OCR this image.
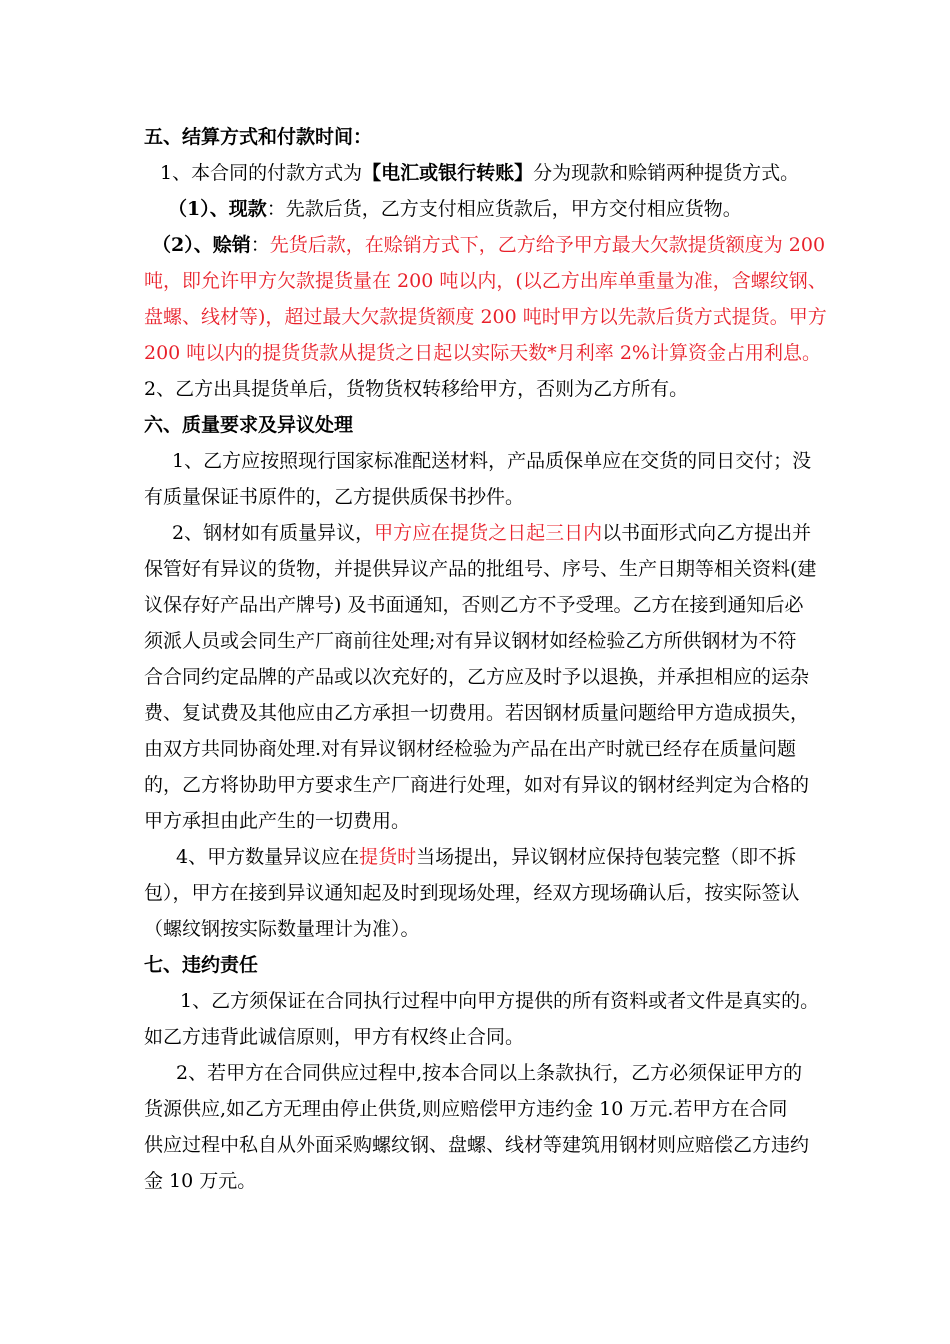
五、结算方式和付款时间：
1、本合同的付款方式为【电汇或银行转账】分为现款和赊销两种提货方式。
（1）、现款：先款后货，乙方支付相应货款后，甲方交付相应货物。
（2）、赊销：先货后款，在赊销方式下，乙方给予甲方最大欠款提货额度为 200
吨，即允许甲方欠款提货量在 200 吨以内，(以乙方出库单重量为准，含螺纹钢、
盘螺、线材等)，超过最大欠款提货额度 200 吨时甲方以先款后货方式提货。甲方
200 吨以内的提货货款从提货之日起以实际天数*月利率 2%计算资金占用利息。
2、乙方出具提货单后，货物货权转移给甲方，否则为乙方所有。
六、质量要求及异议处理
1、乙方应按照现行国家标准配送材料，产品质保单应在交货的同日交付；没
有质量保证书原件的，乙方提供质保书抄件。
2、钢材如有质量异议，甲方应在提货之日起三日内以书面形式向乙方提出并
保管好有异议的货物，并提供异议产品的批组号、序号、生产日期等相关资料(建
议保存好产品出产牌号) 及书面通知，否则乙方不予受理。乙方在接到通知后必
须派人员或会同生产厂商前往处理;对有异议钢材如经检验乙方所供钢材为不符
合合同约定品牌的产品或以次充好的，乙方应及时予以退换，并承担相应的运杂
费、复试费及其他应由乙方承担一切费用。若因钢材质量问题给甲方造成损失，
由双方共同协商处理.对有异议钢材经检验为产品在出产时就已经存在质量问题
的，乙方将协助甲方要求生产厂商进行处理，如对有异议的钢材经判定为合格的
甲方承担由此产生的一切费用。
4、甲方数量异议应在提货时当场提出，异议钢材应保持包装完整（即不拆
包），甲方在接到异议通知起及时到现场处理，经双方现场确认后，按实际签认
（螺纹钢按实际数量理计为准）。
七、违约责任
1、乙方须保证在合同执行过程中向甲方提供的所有资料或者文件是真实的。
如乙方违背此诚信原则，甲方有权终止合同。
2、若甲方在合同供应过程中,按本合同以上条款执行，乙方必须保证甲方的
货源供应,如乙方无理由停止供货,则应赔偿甲方违约金 10 万元.若甲方在合同
供应过程中私自从外面采购螺纹钢、盘螺、线材等建筑用钢材则应赔偿乙方违约
金 10 万元。
